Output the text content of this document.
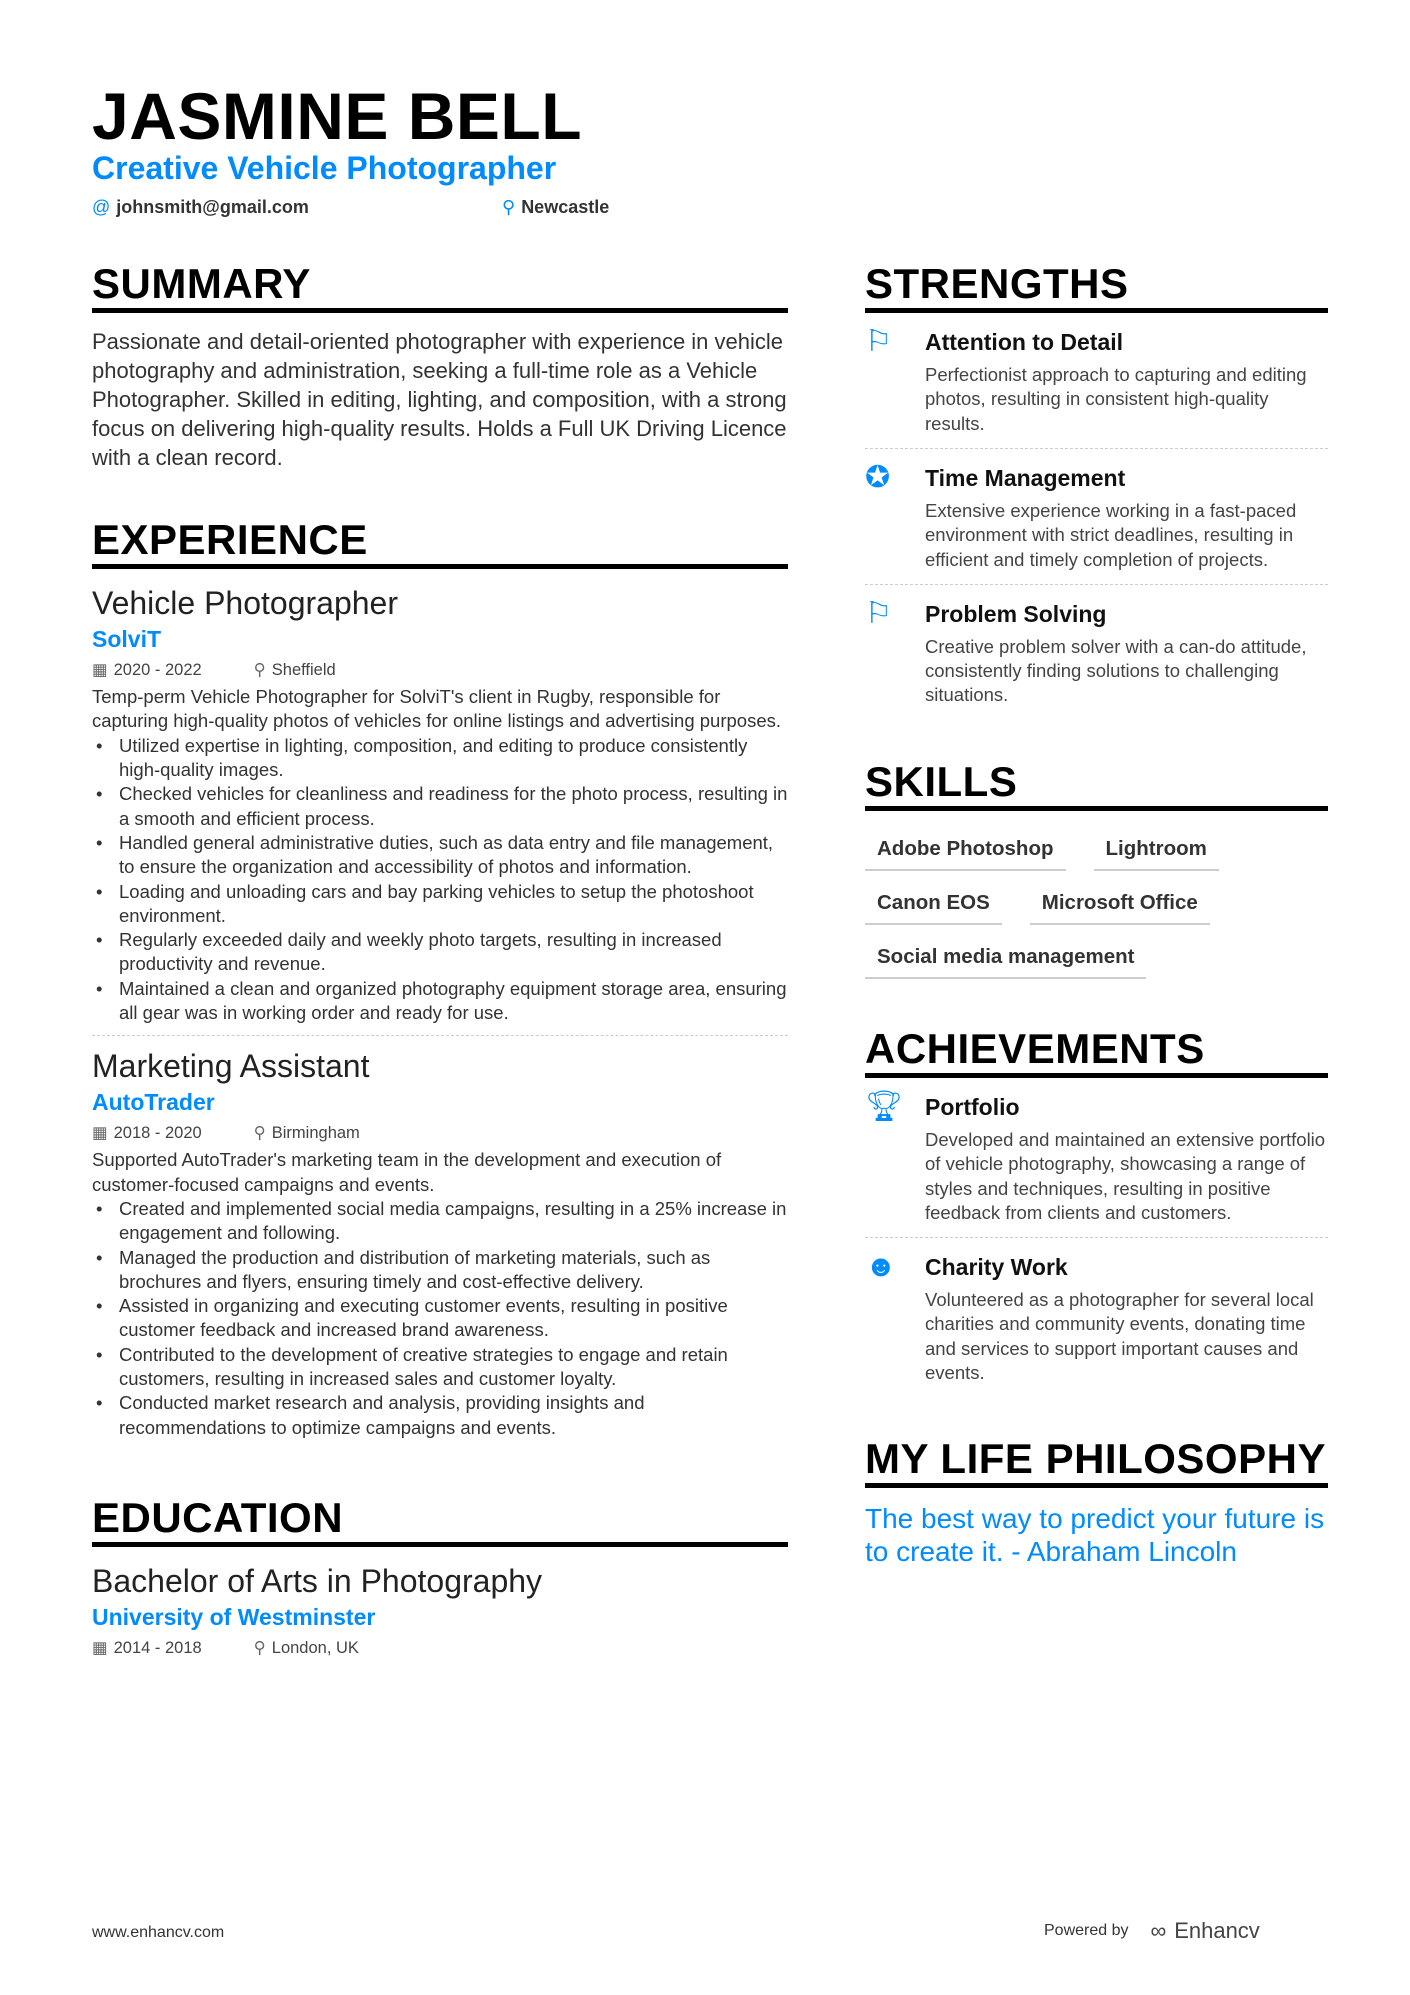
JASMINE BELL
Creative Vehicle Photographer
@ johnsmith@gmail.com	⚲ Newcastle
SUMMARY

Passionate and detail-oriented photographer with experience in vehicle photography and administration, seeking a full-time role as a Vehicle Photographer. Skilled in editing, lighting, and composition, with a strong focus on delivering high-quality results. Holds a Full UK Driving Licence with a clean record.

EXPERIENCE
Vehicle Photographer
SolviT
▦ 2020 - 2022	⚲ Sheffield
Temp-perm Vehicle Photographer for SolviT's client in Rugby, responsible for capturing high-quality photos of vehicles for online listings and advertising purposes.
• Utilized expertise in lighting, composition, and editing to produce consistently high-quality images.
• Checked vehicles for cleanliness and readiness for the photo process, resulting in a smooth and efficient process.
• Handled general administrative duties, such as data entry and file management, to ensure the organization and accessibility of photos and information.
• Loading and unloading cars and bay parking vehicles to setup the photoshoot environment.
• Regularly exceeded daily and weekly photo targets, resulting in increased productivity and revenue.
• Maintained a clean and organized photography equipment storage area, ensuring all gear was in working order and ready for use.
Marketing Assistant
AutoTrader
▦ 2018 - 2020	⚲ Birmingham
Supported AutoTrader's marketing team in the development and execution of customer-focused campaigns and events.
• Created and implemented social media campaigns, resulting in a 25% increase in engagement and following.
• Managed the production and distribution of marketing materials, such as brochures and flyers, ensuring timely and cost-effective delivery.
• Assisted in organizing and executing customer events, resulting in positive customer feedback and increased brand awareness.
• Contributed to the development of creative strategies to engage and retain customers, resulting in increased sales and customer loyalty.
• Conducted market research and analysis, providing insights and recommendations to optimize campaigns and events.
EDUCATION
Bachelor of Arts in Photography
University of Westminster
▦ 2014 - 2018	⚲ London, UK
STRENGTHS
⚐	Attention to Detail
Perfectionist approach to capturing and editing photos, resulting in consistent high-quality results.
✪	Time Management
Extensive experience working in a fast-paced environment with strict deadlines, resulting in efficient and timely completion of projects.
⚐	Problem Solving
Creative problem solver with a can-do attitude, consistently finding solutions to challenging situations.
SKILLS
Adobe Photoshop	Lightroom
Canon EOS	Microsoft Office
Social media management
ACHIEVEMENTS
🏆︎ Portfolio
Developed and maintained an extensive portfolio of vehicle photography, showcasing a range of styles and techniques, resulting in positive feedback from clients and customers.
☻	Charity Work
Volunteered as a photographer for several local charities and community events, donating time and services to support important causes and events.
MY LIFE PHILOSOPHY

The best way to predict your future is to create it. - Abraham Lincoln

www.enhancv.com	Powered by ∞ Enhancv
